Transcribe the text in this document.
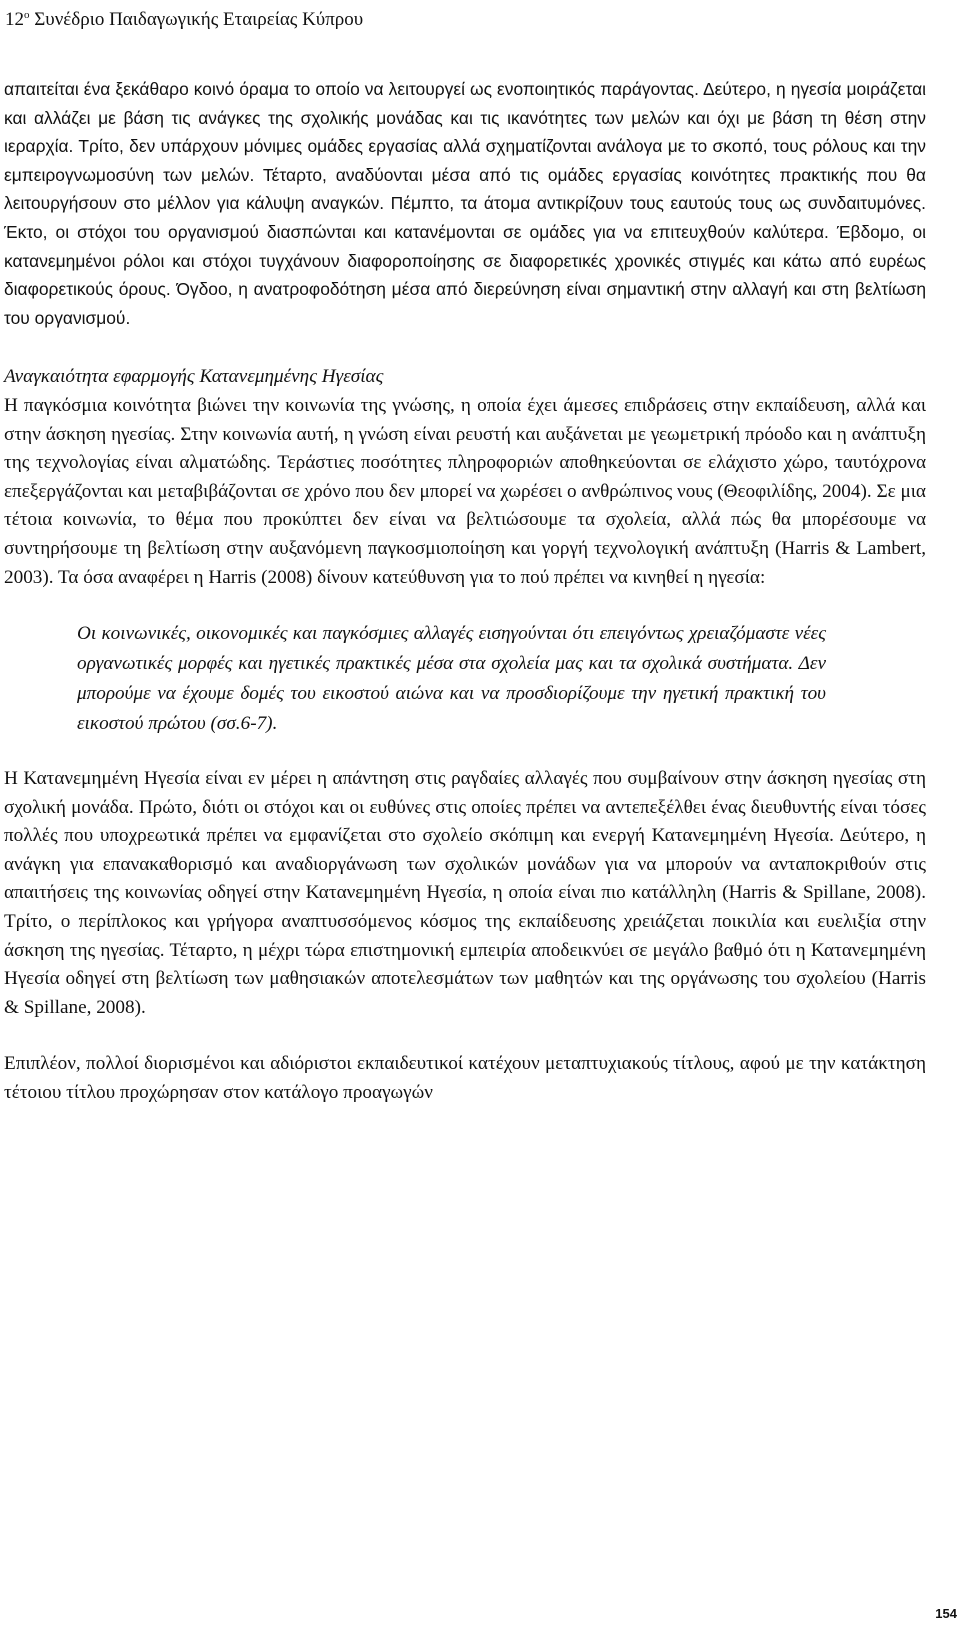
$12^o$ Συνέδριο Παιδαγωγικής Εταιρείας Κύπρου

απαιτείται ένα ξεκάθαρο κοινό όραμα το οποίο να λειτουργεί ως ενοποιητικός παράγοντας. Δεύτερο, η ηγεσία μοιράζεται και αλλάζει με βάση τις ανάγκες της σχολικής μονάδας και τις ικανότητες των μελών και όχι με βάση τη θέση στην ιεραρχία. Τρίτο, δεν υπάρχουν μόνιμες ομάδες εργασίας αλλά σχηματίζονται ανάλογα με το σκοπό, τους ρόλους και την εμπειρογνωμοσύνη των μελών. Τέταρτο, αναδύονται μέσα από τις ομάδες εργασίας κοινότητες πρακτικής που θα λειτουργήσουν στο μέλλον για κάλυψη αναγκών. Πέμπτο, τα άτομα αντικρίζουν τους εαυτούς τους ως συνδαιτυμόνες. Έκτο, οι στόχοι του οργανισμού διασπώνται και κατανέμονται σε ομάδες για να επιτευχθούν καλύτερα. Έβδομο, οι κατανεμημένοι ρόλοι και στόχοι τυγχάνουν διαφοροποίησης σε διαφορετικές χρονικές στιγμές και κάτω από ευρέως διαφορετικούς όρους. Όγδοο, η ανατροφοδότηση μέσα από διερεύνηση είναι σημαντική στην αλλαγή και στη βελτίωση του οργανισμού.

Αναγκαιότητα εφαρμογής Κατανεμημένης Ηγεσίας

Η παγκόσμια κοινότητα βιώνει την κοινωνία της γνώσης, η οποία έχει άμεσες επιδράσεις στην εκπαίδευση, αλλά και στην άσκηση ηγεσίας. Στην κοινωνία αυτή, η γνώση είναι ρευστή και αυξάνεται με γεωμετρική πρόοδο και η ανάπτυξη της τεχνολογίας είναι αλματώδης. Τεράστιες ποσότητες πληροφοριών αποθηκεύονται σε ελάχιστο χώρο, ταυτόχρονα επεξεργάζονται και μεταβιβάζονται σε χρόνο που δεν μπορεί να χωρέσει ο ανθρώπινος νους (Θεοφιλίδης, 2004). Σε μια τέτοια κοινωνία, το θέμα που προκύπτει δεν είναι να βελτιώσουμε τα σχολεία, αλλά πώς θα μπορέσουμε να συντηρήσουμε τη βελτίωση στην αυξανόμενη παγκοσμιοποίηση και γοργή τεχνολογική ανάπτυξη (Harris & Lambert, 2003). Τα όσα αναφέρει η Harris (2008) δίνουν κατεύθυνση για το πού πρέπει να κινηθεί η ηγεσία:

Οι κοινωνικές, οικονομικές και παγκόσμιες αλλαγές εισηγούνται ότι επειγόντως χρειαζόμαστε νέες οργανωτικές μορφές και ηγετικές πρακτικές μέσα στα σχολεία μας και τα σχολικά συστήματα. Δεν μπορούμε να έχουμε δομές του εικοστού αιώνα και να προσδιορίζουμε την ηγετική πρακτική του εικοστού πρώτου (σσ.6-7).

Η Κατανεμημένη Ηγεσία είναι εν μέρει η απάντηση στις ραγδαίες αλλαγές που συμβαίνουν στην άσκηση ηγεσίας στη σχολική μονάδα. Πρώτο, διότι οι στόχοι και οι ευθύνες στις οποίες πρέπει να αντεπεξέλθει ένας διευθυντής είναι τόσες πολλές που υποχρεωτικά πρέπει να εμφανίζεται στο σχολείο σκόπιμη και ενεργή Κατανεμημένη Ηγεσία. Δεύτερο, η ανάγκη για επανακαθορισμό και αναδιοργάνωση των σχολικών μονάδων για να μπορούν να ανταποκριθούν στις απαιτήσεις της κοινωνίας οδηγεί στην Κατανεμημένη Ηγεσία, η οποία είναι πιο κατάλληλη (Harris & Spillane, 2008). Τρίτο, ο περίπλοκος και γρήγορα αναπτυσσόμενος κόσμος της εκπαίδευσης χρειάζεται ποικιλία και ευελιξία στην άσκηση της ηγεσίας. Τέταρτο, η μέχρι τώρα επιστημονική εμπειρία αποδεικνύει σε μεγάλο βαθμό ότι η Κατανεμημένη Ηγεσία οδηγεί στη βελτίωση των μαθησιακών αποτελεσμάτων των μαθητών και της οργάνωσης του σχολείου (Harris & Spillane, 2008).

Επιπλέον, πολλοί διορισμένοι και αδιόριστοι εκπαιδευτικοί κατέχουν μεταπτυχιακούς τίτλους, αφού με την κατάκτηση τέτοιου τίτλου προχώρησαν στον κατάλογο προαγωγών

154
